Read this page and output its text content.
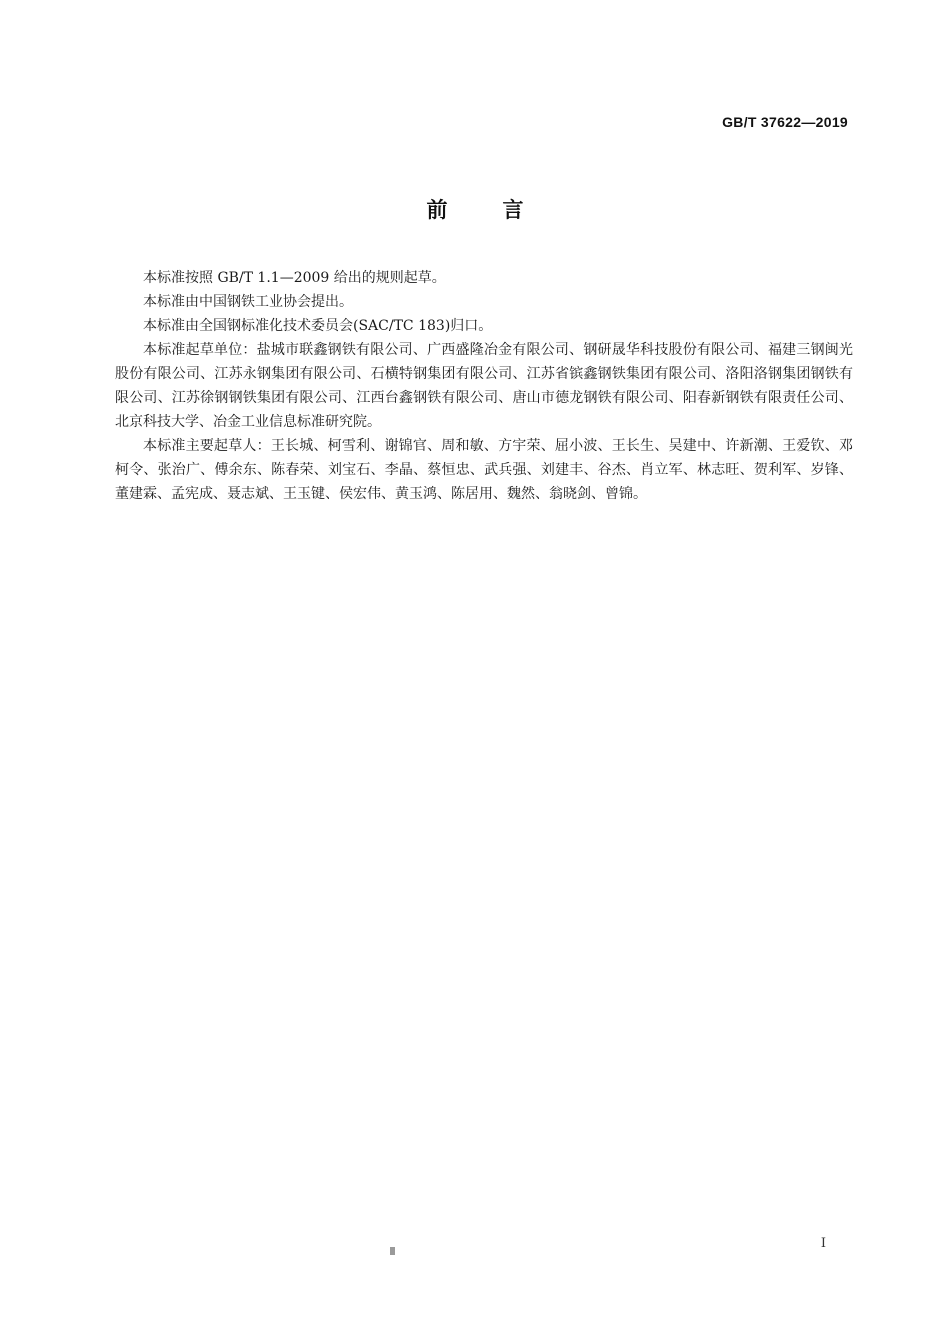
GB/T 37622—2019
前言

本标准按照 GB/T 1.1—2009 给出的规则起草。

本标准由中国钢铁工业协会提出。

本标准由全国钢标准化技术委员会(SAC/TC 183)归口。

本标准起草单位：盐城市联鑫钢铁有限公司、广西盛隆冶金有限公司、钢研晟华科技股份有限公司、福建三钢闽光股份有限公司、江苏永钢集团有限公司、石横特钢集团有限公司、江苏省镔鑫钢铁集团有限公司、洛阳洛钢集团钢铁有限公司、江苏徐钢钢铁集团有限公司、江西台鑫钢铁有限公司、唐山市德龙钢铁有限公司、阳春新钢铁有限责任公司、北京科技大学、冶金工业信息标准研究院。

本标准主要起草人：王长城、柯雪利、谢锦官、周和敏、方宇荣、屈小波、王长生、吴建中、许新潮、王爱钦、邓柯令、张治广、傅余东、陈春荣、刘宝石、李晶、蔡恒忠、武兵强、刘建丰、谷杰、肖立军、林志旺、贺利军、岁锋、董建霖、孟宪成、聂志斌、王玉键、侯宏伟、黄玉鸿、陈居用、魏然、翁晓剑、曾锦。

I
